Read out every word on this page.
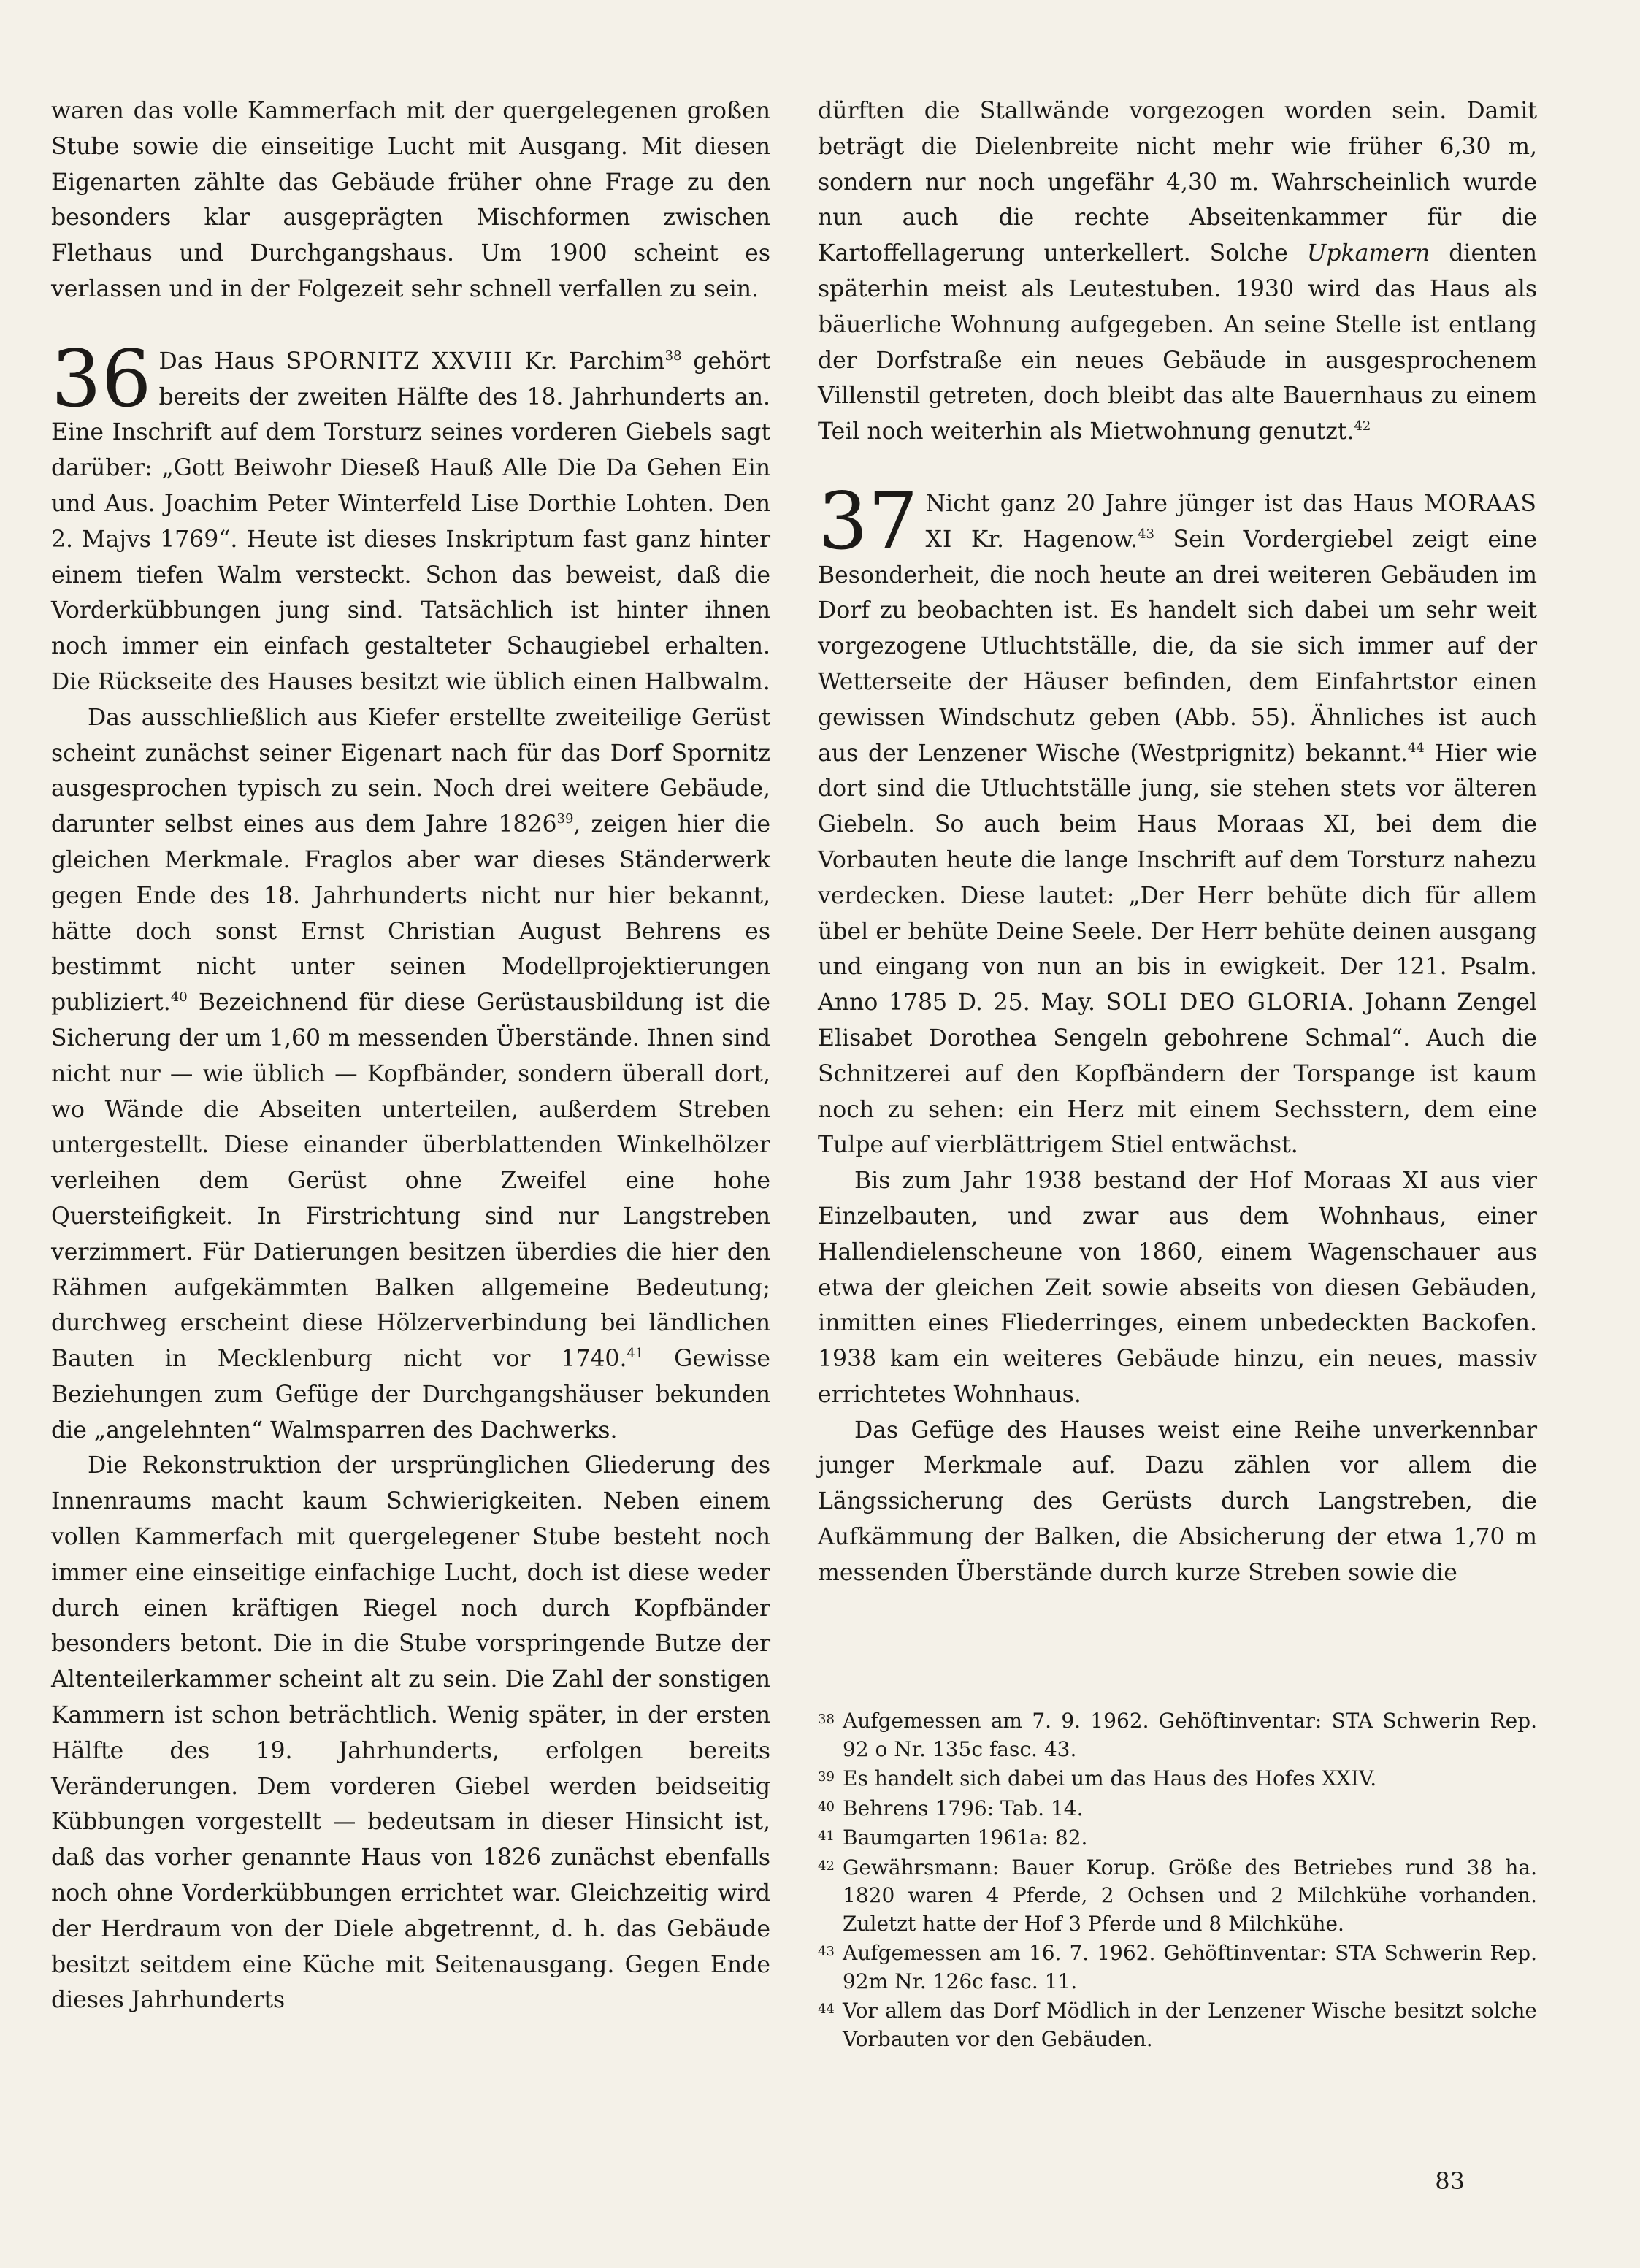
waren das volle Kammerfach mit der quergelegenen großen Stube sowie die einseitige Lucht mit Ausgang. Mit diesen Eigenarten zählte das Gebäude früher ohne Frage zu den besonders klar ausgeprägten Mischformen zwischen Flethaus und Durchgangshaus. Um 1900 scheint es verlassen und in der Folgezeit sehr schnell verfallen zu sein.

36 Das Haus SPORNITZ XXVIII Kr. Parchim$^{38}$ gehört bereits der zweiten Hälfte des 18. Jahrhunderts an. Eine Inschrift auf dem Torsturz seines vorderen Giebels sagt darüber: „Gott Beiwohr Dieseß Hauß Alle Die Da Gehen Ein und Aus. Joachim Peter Winterfeld Lise Dorthie Lohten. Den 2. Majvs 1769“. Heute ist dieses Inskriptum fast ganz hinter einem tiefen Walm versteckt. Schon das beweist, daß die Vorderkübbungen jung sind. Tatsächlich ist hinter ihnen noch immer ein einfach gestalteter Schaugiebel erhalten. Die Rückseite des Hauses besitzt wie üblich einen Halbwalm.

Das ausschließlich aus Kiefer erstellte zweiteilige Gerüst scheint zunächst seiner Eigenart nach für das Dorf Spornitz ausgesprochen typisch zu sein. Noch drei weitere Gebäude, darunter selbst eines aus dem Jahre 1826$^{39}$, zeigen hier die gleichen Merkmale. Fraglos aber war dieses Ständerwerk gegen Ende des 18. Jahrhunderts nicht nur hier bekannt, hätte doch sonst Ernst Christian August Behrens es bestimmt nicht unter seinen Modellprojektierungen publiziert.$^{40}$ Bezeichnend für diese Gerüstausbildung ist die Sicherung der um 1,60 m messenden Überstände. Ihnen sind nicht nur — wie üblich — Kopfbänder, sondern überall dort, wo Wände die Abseiten unterteilen, außerdem Streben untergestellt. Diese einander überblattenden Winkelhölzer verleihen dem Gerüst ohne Zweifel eine hohe Quersteifigkeit. In Firstrichtung sind nur Langstreben verzimmert. Für Datierungen besitzen überdies die hier den Rähmen aufgekämmten Balken allgemeine Bedeutung; durchweg erscheint diese Hölzerverbindung bei ländlichen Bauten in Mecklenburg nicht vor 1740.41 Gewisse Beziehungen zum Gefüge der Durchgangshäuser bekunden die „angelehnten“ Walmsparren des Dachwerks.

Die Rekonstruktion der ursprünglichen Gliederung des Innenraums macht kaum Schwierigkeiten. Neben einem vollen Kammerfach mit quergelegener Stube besteht noch immer eine einseitige einfachige Lucht, doch ist diese weder durch einen kräftigen Riegel noch durch Kopfbänder besonders betont. Die in die Stube vorspringende Butze der Altenteilerkammer scheint alt zu sein. Die Zahl der sonstigen Kammern ist schon beträchtlich. Wenig später, in der ersten Hälfte des 19. Jahrhunderts, erfolgen bereits Veränderungen. Dem vorderen Giebel werden beidseitig Kübbungen vorgestellt — bedeutsam in dieser Hinsicht ist, daß das vorher genannte Haus von 1826 zunächst ebenfalls noch ohne Vorderkübbungen errichtet war. Gleichzeitig wird der Herdraum von der Diele abgetrennt, d. h. das Gebäude besitzt seitdem eine Küche mit Seitenausgang. Gegen Ende dieses Jahrhunderts

dürften die Stallwände vorgezogen worden sein. Damit beträgt die Dielenbreite nicht mehr wie früher 6,30 m, sondern nur noch ungefähr 4,30 m. Wahrscheinlich wurde nun auch die rechte Abseitenkammer für die Kartoffellagerung unterkellert. Solche Upkamern dienten späterhin meist als Leutestuben. 1930 wird das Haus als bäuerliche Wohnung aufgegeben. An seine Stelle ist entlang der Dorfstraße ein neues Gebäude in ausgesprochenem Villenstil getreten, doch bleibt das alte Bauernhaus zu einem Teil noch weiterhin als Mietwohnung genutzt.$^{42}$

37 Nicht ganz 20 Jahre jünger ist das Haus MORAAS XI Kr. Hagenow.$^{43}$ Sein Vordergiebel zeigt eine Besonderheit, die noch heute an drei weiteren Gebäuden im Dorf zu beobachten ist. Es handelt sich dabei um sehr weit vorgezogene Utluchtställe, die, da sie sich immer auf der Wetterseite der Häuser befinden, dem Einfahrtstor einen gewissen Windschutz geben (Abb. 55). Ähnliches ist auch aus der Lenzener Wische (Westprignitz) bekannt.$^{44}$ Hier wie dort sind die Utluchtställe jung, sie stehen stets vor älteren Giebeln. So auch beim Haus Moraas XI, bei dem die Vorbauten heute die lange Inschrift auf dem Torsturz nahezu verdecken. Diese lautet: „Der Herr behüte dich für allem übel er behüte Deine Seele. Der Herr behüte deinen ausgang und eingang von nun an bis in ewigkeit. Der 121. Psalm. Anno 1785 D. 25. May. SOLI DEO GLORIA. Johann Zengel Elisabet Dorothea Sengeln gebohrene Schmal“. Auch die Schnitzerei auf den Kopfbändern der Torspange ist kaum noch zu sehen: ein Herz mit einem Sechsstern, dem eine Tulpe auf vierblättrigem Stiel entwächst.

Bis zum Jahr 1938 bestand der Hof Moraas XI aus vier Einzelbauten, und zwar aus dem Wohnhaus, einer Hallendielenscheune von 1860, einem Wagenschauer aus etwa der gleichen Zeit sowie abseits von diesen Gebäuden, inmitten eines Fliederringes, einem unbedeckten Backofen. 1938 kam ein weiteres Gebäude hinzu, ein neues, massiv errichtetes Wohnhaus.

Das Gefüge des Hauses weist eine Reihe unverkennbar junger Merkmale auf. Dazu zählen vor allem die Längssicherung des Gerüsts durch Langstreben, die Aufkämmung der Balken, die Absicherung der etwa 1,70 m messenden Überstände durch kurze Streben sowie die

38 Aufgemessen am 7. 9. 1962. Gehöftinventar: STA Schwerin Rep. 92 o Nr. 135c fasc. 43.
39 Es handelt sich dabei um das Haus des Hofes XXIV.
40 Behrens 1796: Tab. 14.
41 Baumgarten 1961a: 82.
42 Gewährsmann: Bauer Korup. Größe des Betriebes rund 38 ha. 1820 waren 4 Pferde, 2 Ochsen und 2 Milchkühe vorhanden. Zuletzt hatte der Hof 3 Pferde und 8 Milchkühe.
43 Aufgemessen am 16. 7. 1962. Gehöftinventar: STA Schwerin Rep. 92m Nr. 126c fasc. 11.
44 Vor allem das Dorf Mödlich in der Lenzener Wische besitzt solche Vorbauten vor den Gebäuden.
83
